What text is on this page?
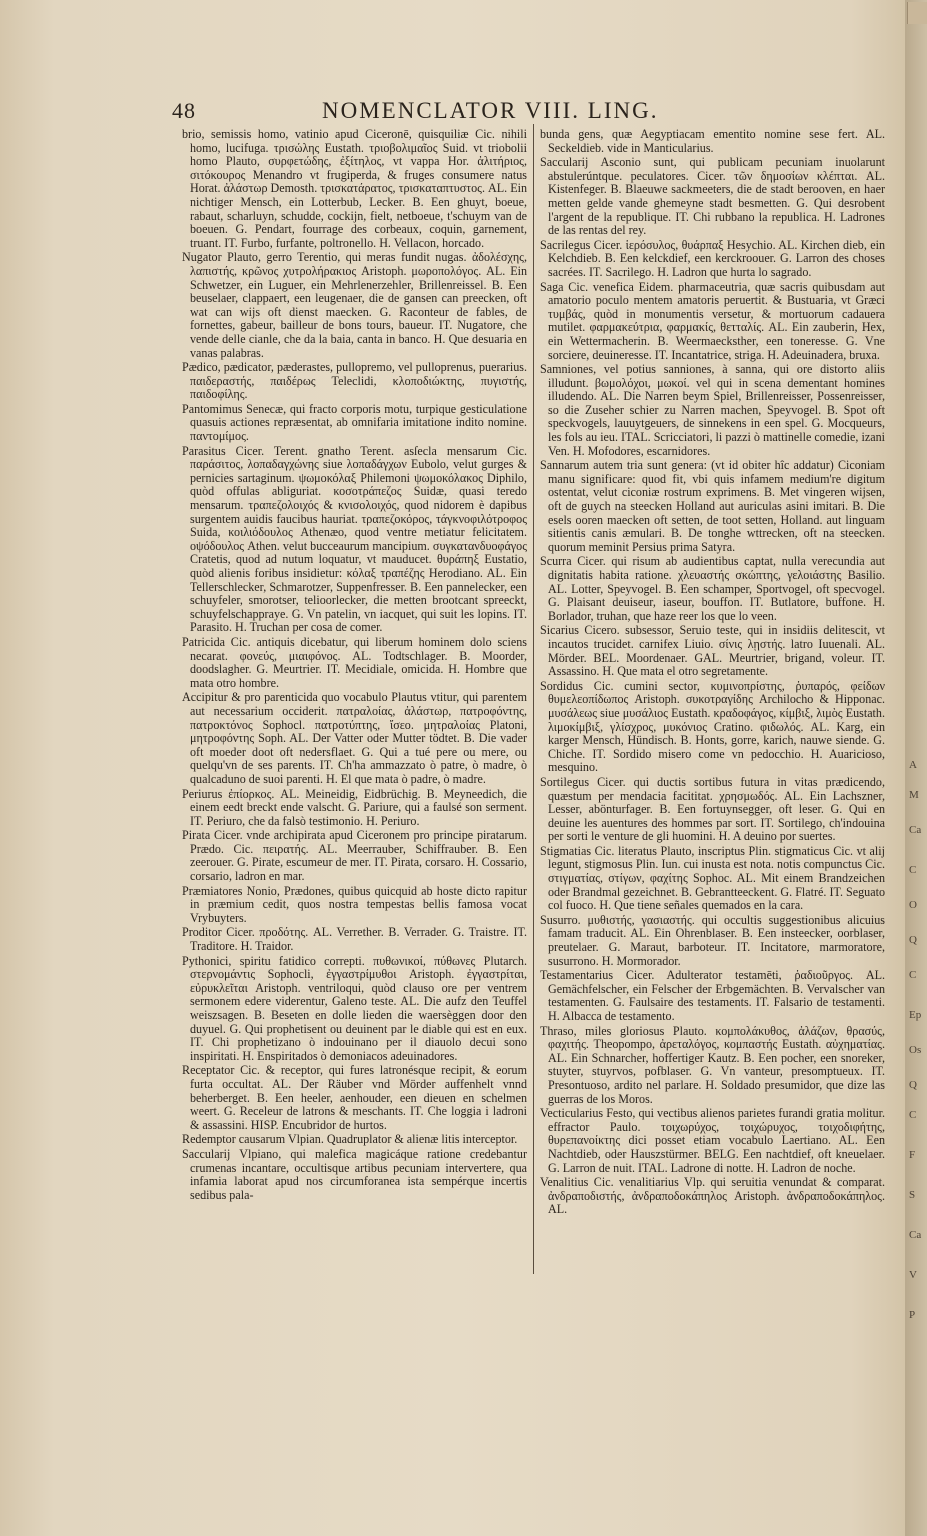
48	NOMENCLATOR VIII. LING.
brio, semissis homo, vatinio apud Ciceronē, quisquiliæ Cic. nihili homo, lucifuga. τρισώλης Eustath. τριοβολιμαῖος Suid. vt triobolii homo Plauto, συρφετώδης, ἐξίτηλος, vt vappa Hor. ἀλιτήριος, σιτόκουρος Menandro vt frugiperda, & fruges consumere natus Horat. ἀλάστωρ Demosth. τρισκατάρατος, τρισκαταπτυστος. AL. Ein nichtiger Mensch, ein Lotterbub, Lecker. B. Een ghuyt, boeue, rabaut, scharluyn, schudde, cockijn, fielt, netboeue, t'schuym van de boeuen. G. Pendart, fourrage des corbeaux, coquin, garnement, truant. IT. Furbo, furfante, poltronello. H. Vellacon, horcado.
Nugator Plauto, gerro Terentio, qui meras fundit nugas. ἀδολέσχης, λαπιστής, κρῶνος χυτρολήρακιος Aristoph. μωροπολόγος. AL. Ein Schwetzer, ein Luguer, ein Mehrlenerzehler, Brillenreissel. B. Een beuselaer, clappaert, een leugenaer, die de gansen can preecken, oft wat can wijs oft dienst maecken. G. Raconteur de fables, de fornettes, gabeur, bailleur de bons tours, baueur. IT. Nugatore, che vende delle cianle, che da la baia, canta in banco. H. Que desuaria en vanas palabras.
Pædico, pædicator, pæderastes, pullopremo, vel pulloprenus, puerarius. παιδεραστής, παιδέρως Teleclidi, κλοποδιώκτης, πυγιστής, παιδοφίλης.
Pantomimus Senecæ, qui fracto corporis motu, turpique gesticulatione quasuis actiones repræsentat, ab omnifaria imitatione indito nomine. παντομίμος.
Parasitus Cicer. Terent. gnatho Terent. asſecla mensarum Cic. παράσιτος, λοπαδαγχώνης siue λοπαδάγχων Eubolo, velut gurges & pernicies sartaginum. ψωμοκόλαξ Philemoni ψωμοκόλακος Diphilo, quòd offulas abliguriat. κοσοτράπεζος Suidæ, quasi teredo mensarum. τραπεζολοιχός & κνισολοιχός, quod nidorem è dapibus surgentem auidis faucibus hauriat. τραπεζοκόρος, τάγκνοφιλότροφος Suida, κοιλιόδουλος Athenæo, quod ventre metiatur felicitatem. οψόδουλος Athen. velut bucceaurum mancipium. συγκατανδυοφάγος Cratetis, quod ad nutum loquatur, vt mauducet. θυράπηξ Eustatio, quòd alienis foribus insidietur: κόλαξ τραπέζης Herodiano. AL. Ein Tellerschlecker, Schmarotzer, Suppenfresser. B. Een pannelecker, een schuyfeler, smorotser, telioorlecker, die metten brootcant spreeckt, schuyfelschappraye. G. Vn patelin, vn iacquet, qui suit les lopins. IT. Parasito. H. Truchan per cosa de comer.
Patricida Cic. antiquis dicebatur, qui liberum hominem dolo sciens necarat. φονεύς, μιαιφόνος. AL. Todtschlager. B. Moorder, doodslagher. G. Meurtrier. IT. Mecidiale, omicida. H. Hombre que mata otro hombre.
Accipitur & pro parenticida quo vocabulo Plautus vtitur, qui parentem aut necessarium occiderit. πατραλοίας, ἀλάστωρ, πατροφόντης, πατροκτόνος Sophocl. πατροτύπτης, ἴσεο. μητραλοίας Platoni, μητροφόντης Soph. AL. Der Vatter oder Mutter tödtet. B. Die vader oft moeder doot oft nedersflaet. G. Qui a tué pere ou mere, ou quelqu'vn de ses parents. IT. Ch'ha ammazzato ò patre, ò madre, ò qualcaduno de suoi parenti. H. El que mata ò padre, ò madre.
Periurus ἐπίορκος. AL. Meineidig, Eidbrüchig. B. Meyneedich, die einem eedt breckt ende valscht. G. Pariure, qui a faulsé son serment. IT. Periuro, che da falsò testimonio. H. Periuro.
Pirata Cicer. vnde archipirata apud Ciceronem pro principe piratarum. Prædo. Cic. πειρατής. AL. Meerrauber, Schiffrauber. B. Een zeerouer. G. Pirate, escumeur de mer. IT. Pirata, corsaro. H. Cossario, corsario, ladron en mar.
Præmiatores Nonio, Prædones, quibus quicquid ab hoste dicto rapitur in præmium cedit, quos nostra tempestas bellis famosa vocat Vrybuyters.
Proditor Cicer. προδότης. AL. Verrether. B. Verrader. G. Traistre. IT. Traditore. H. Traidor.
Pythonici, spiritu fatidico correpti. πυθωνικοί, πύθωνες Plutarch. στερνομάντις Sophocli, ἐγγαστρίμυθοι Aristoph. ἐγγαστρίται, εὐρυκλεῖται Aristoph. ventriloqui, quòd clauso ore per ventrem sermonem edere viderentur, Galeno teste. AL. Die aufz den Teuffel weiszsagen. B. Beseten en dolle lieden die waersèggen door den duyuel. G. Qui prophetisent ou deuinent par le diable qui est en eux. IT. Chi prophetizano ò indouinano per il diauolo decui sono inspiritati. H. Enspiritados ò demoniacos adeuinadores.
Receptator Cic. & receptor, qui fures latronésque recipit, & eorum furta occultat. AL. Der Räuber vnd Mörder auffenhelt vnnd beherberget. B. Een heeler, aenhouder, een dieuen en schelmen weert. G. Receleur de latrons & meschants. IT. Che loggia i ladroni & assassini. HISP. Encubridor de hurtos.
Redemptor causarum Vlpian. Quadruplator & alienæ litis interceptor.
Saccularij Vlpiano, qui malefica magicáque ratione credebantur crumenas incantare, occultisque artibus pecuniam intervertere, qua infamia laborat apud nos circumforanea ista sempérque incertis sedibus pala-
bunda gens, quæ Aegyptiacam ementito nomine sese fert. AL. Seckeldieb. vide in Manticularius.
Saccularij Asconio sunt, qui publicam pecuniam inuolarunt abstulerúntque. peculatores. Cicer. τῶν δημοσίων κλέπται. AL. Kistenfeger. B. Blaeuwe sackmeeters, die de stadt berooven, en haer metten gelde vande ghemeyne stadt besmetten. G. Qui desrobent l'argent de la republique. IT. Chi rubbano la republica. H. Ladrones de las rentas del rey.
Sacrilegus Cicer. ἱερόσυλος, θυάρπαξ Hesychio. AL. Kirchen dieb, ein Kelchdieb. B. Een kelckdief, een kerckroouer. G. Larron des choses sacrées. IT. Sacrilego. H. Ladron que hurta lo sagrado.
Saga Cic. venefica Eidem. pharmaceutria, quæ sacris quibusdam aut amatorio poculo mentem amatoris peruertit. & Bustuaria, vt Græci τυμβάς, quòd in monumentis versetur, & mortuorum cadauera mutilet. φαρμακεύτρια, φαρμακίς, θετταλίς. AL. Ein zauberin, Hex, ein Wettermacherin. B. Weermaecksther, een toneresse. G. Vne sorciere, deuineresse. IT. Incantatrice, striga. H. Adeuinadera, bruxa.
Samniones, vel potius sanniones, à sanna, qui ore distorto aliis illudunt. βωμολόχοι, μωκοί. vel qui in scena dementant homines illudendo. AL. Die Narren beym Spiel, Brillenreisser, Possenreisser, so die Zuseher schier zu Narren machen, Speyvogel. B. Spot oft speckvogels, lauuytgeuers, de sinnekens in een spel. G. Mocqueurs, les fols au ieu. ITAL. Scricciatori, li pazzi ò mattinelle comedie, izani Ven. H. Mofodores, escarnidores.
Sannarum autem tria sunt genera: (vt id obiter hîc addatur) Ciconiam manu significare: quod fit, vbi quis infamem medium're digitum ostentat, velut ciconiæ rostrum exprimens. B. Met vingeren wijsen, oft de guych na steecken Holland aut auriculas asini imitari. B. Die esels ooren maecken oft setten, de toot setten, Holland. aut linguam sitientis canis æmulari. B. De tonghe wttrecken, oft na steecken. quorum meminit Persius prima Satyra.
Scurra Cicer. qui risum ab audientibus captat, nulla verecundia aut dignitatis habita ratione. χλευαστής σκώπτης, γελοιάστης Basilio. AL. Lotter, Speyvogel. B. Een schamper, Sportvogel, oft specvogel. G. Plaisant deuiseur, iaseur, bouffon. IT. Butlatore, buffone. H. Borlador, truhan, que haze reer los que lo veen.
Sicarius Cicero. subsessor, Seruio teste, qui in insidiis delitescit, vt incautos trucidet. carnifex Liuio. σίνις λῃστής. latro Iuuenali. AL. Mörder. BEL. Moordenaer. GAL. Meurtrier, brigand, voleur. IT. Assassino. H. Que mata el otro segretamente.
Sordidus Cic. cumini sector, κυμινοπρίστης, ῥυπαρός, φείδων θυμελεοπίδωπος Aristoph. συκοτραγίδης Archilocho & Hipponac. μυσάλεως siue μυσάλιος Eustath. κραδοφάγος, κίμβιξ, λιμὸς Eustath. λιμοκίμβιξ, γλίσχρος, μυκόνιος Cratino. φιδωλός. AL. Karg, ein karger Mensch, Hündisch. B. Honts, gorre, karich, nauwe siende. G. Chiche. IT. Sordido misero come vn pedocchio. H. Auaricioso, mesquino.
Sortilegus Cicer. qui ductis sortibus futura in vitas prædicendo, quæstum per mendacia facititat. χρησμωδός. AL. Ein Lachszner, Lesser, abönturfager. B. Een fortuynsegger, oft leser. G. Qui en deuine les auentures des hommes par sort. IT. Sortilego, ch'indouina per sorti le venture de gli huomini. H. A deuino por suertes.
Stigmatias Cic. literatus Plauto, inscriptus Plin. stigmaticus Cic. vt alij legunt, stigmosus Plin. Iun. cui inusta est nota. notis compunctus Cic. στιγματίας, στίγων, φαχίτης Sophoc. AL. Mit einem Brandzeichen oder Brandmal gezeichnet. B. Gebrantteeckent. G. Flatré. IT. Seguato col fuoco. H. Que tiene señales quemados en la cara.
Susurro. μυθιστής, γασιαστής. qui occultis suggestionibus alicuius famam traducit. AL. Ein Ohrenblaser. B. Een insteecker, oorblaser, preutelaer. G. Maraut, barboteur. IT. Incitatore, marmoratore, susurrono. H. Mormorador.
Testamentarius Cicer. Adulterator testamēti, ῥαδιοῦργος. AL. Gemächfelscher, ein Felscher der Erbgemächten. B. Vervalscher van testamenten. G. Faulsaire des testaments. IT. Falsario de testamenti. H. Albacca de testamento.
Thraso, miles gloriosus Plauto. κομπολάκυθος, ἀλάζων, θρασύς, φαχιτής. Theopompo, ἀρεταλόγος, κομπαστής Eustath. αὐχηματίας. AL. Ein Schnarcher, hoffertiger Kautz. B. Een pocher, een snoreker, stuyter, stuyrvos, pofblaser. G. Vn vanteur, presomptueux. IT. Presontuoso, ardito nel parlare. H. Soldado presumidor, que dize las guerras de los Moros.
Vecticularius Festo, qui vectibus alienos parietes furandi gratia molitur. effractor Paulo. τοιχωρύχος, τοιχώρυχος, τοιχοδιφήτης, θυρεπανοίκτης dici posset etiam vocabulo Laertiano. AL. Een Nachtdieb, oder Hauszstürmer. BELG. Een nachtdief, oft kneuelaer. G. Larron de nuit. ITAL. Ladrone di notte. H. Ladron de noche.
Venalitius Cic. venalitiarius Vlp. qui seruitia venundat & comparat. ἀνδραποδιστής, ἀνδραποδοκάπηλος Aristoph. ἀνδραποδοκάπηλος. AL.
A
M
Ca
C
O
Q
C
Ep
Os
Q
C
F
S
Ca
V
P
